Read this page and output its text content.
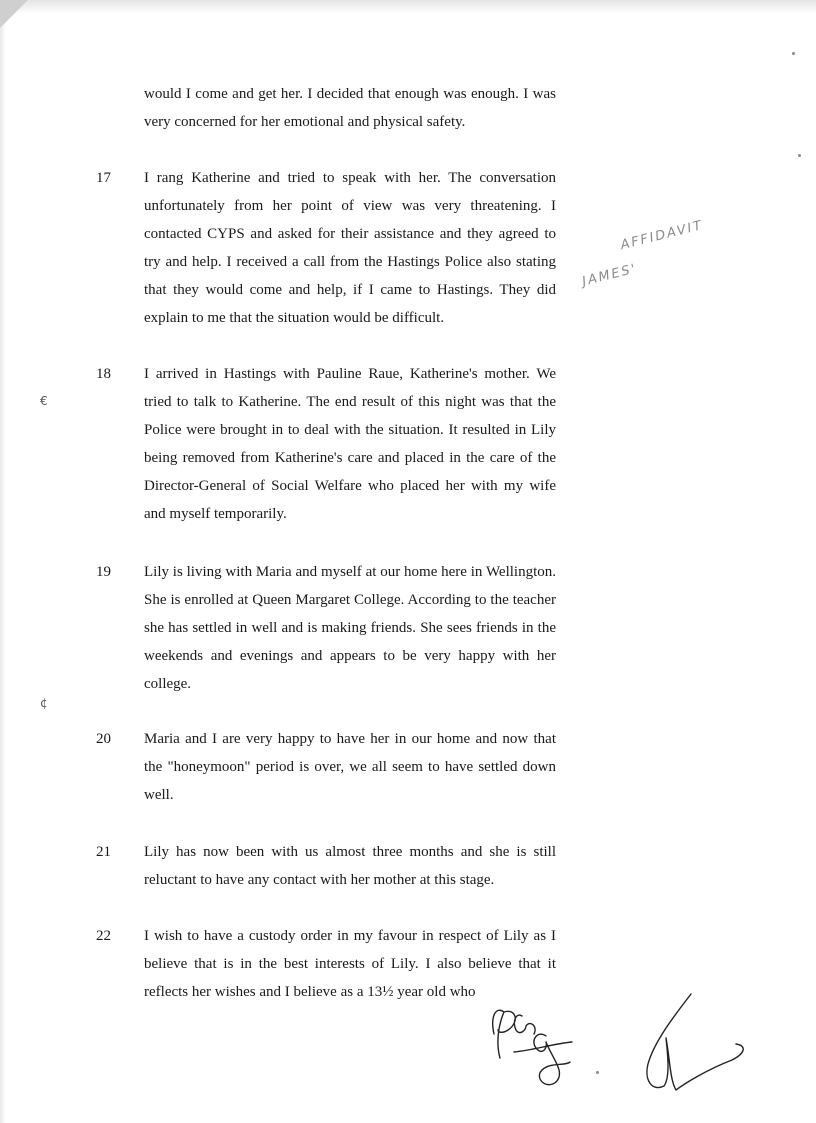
would I come and get her. I decided that enough was enough. I was very concerned for her emotional and physical safety.
17	I rang Katherine and tried to speak with her. The conversation unfortunately from her point of view was very threatening. I contacted CYPS and asked for their assistance and they agreed to try and help. I received a call from the Hastings Police also stating that they would come and help, if I came to Hastings. They did explain to me that the situation would be difficult.
18	I arrived in Hastings with Pauline Raue, Katherine's mother. We tried to talk to Katherine. The end result of this night was that the Police were brought in to deal with the situation. It resulted in Lily being removed from Katherine's care and placed in the care of the Director-General of Social Welfare who placed her with my wife and myself temporarily.
19	Lily is living with Maria and myself at our home here in Wellington. She is enrolled at Queen Margaret College. According to the teacher she has settled in well and is making friends. She sees friends in the weekends and evenings and appears to be very happy with her college.
20	Maria and I are very happy to have her in our home and now that the "honeymoon" period is over, we all seem to have settled down well.
21	Lily has now been with us almost three months and she is still reluctant to have any contact with her mother at this stage.
22	I wish to have a custody order in my favour in respect of Lily as I believe that is in the best interests of Lily. I also believe that it reflects her wishes and I believe as a 13½ year old who
JAMES'
AFFIDAVIT
€
¢
